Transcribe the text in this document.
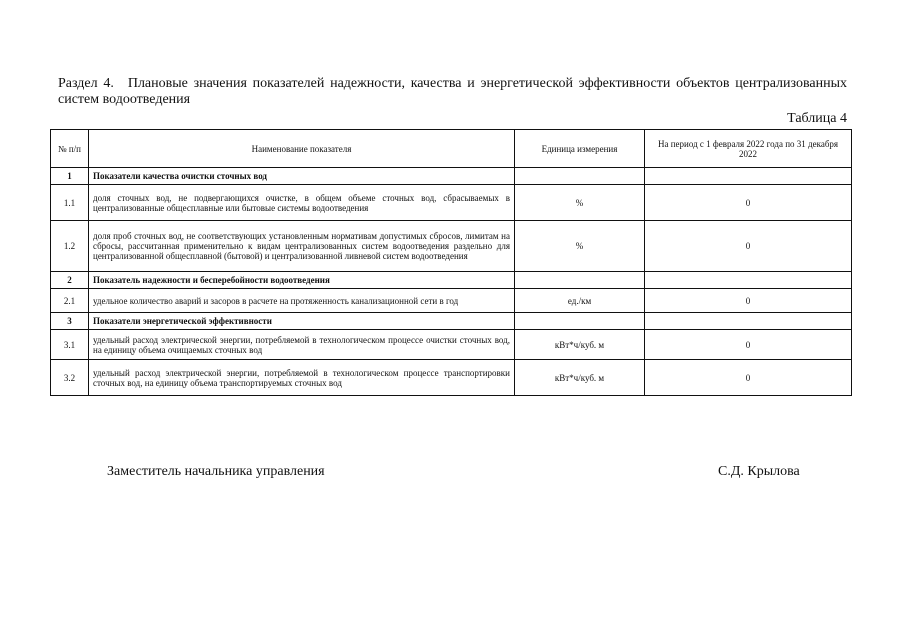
Раздел 4. Плановые значения показателей надежности, качества и энергетической эффективности объектов централизованных систем водоотведения
Таблица 4
№ п/п	Наименование показателя	Единица измерения	На период с 1 февраля 2022 года по 31 декабря 2022
1	Показатели качества очистки сточных вод		
1.1	доля сточных вод, не подвергающихся очистке, в общем объеме сточных вод, сбрасываемых в централизованные общесплавные или бытовые системы водоотведения	%	0
1.2	доля проб сточных вод, не соответствующих установленным нормативам допустимых сбросов, лимитам на сбросы, рассчитанная применительно к видам централизованных систем водоотведения раздельно для централизованной общесплавной (бытовой) и централизованной ливневой систем водоотведения	%	0
2	Показатель надежности и бесперебойности водоотведения		
2.1	удельное количество аварий и засоров в расчете на протяженность канализационной сети в год	ед./км	0
3	Показатели энергетической эффективности		
3.1	удельный расход электрической энергии, потребляемой в технологическом процессе очистки сточных вод, на единицу объема очищаемых сточных вод	кВт*ч/куб. м	0
3.2	удельный расход электрической энергии, потребляемой в технологическом процессе транспортировки сточных вод, на единицу объема транспортируемых сточных вод	кВт*ч/куб. м	0
Заместитель начальника управления	С.Д. Крылова
